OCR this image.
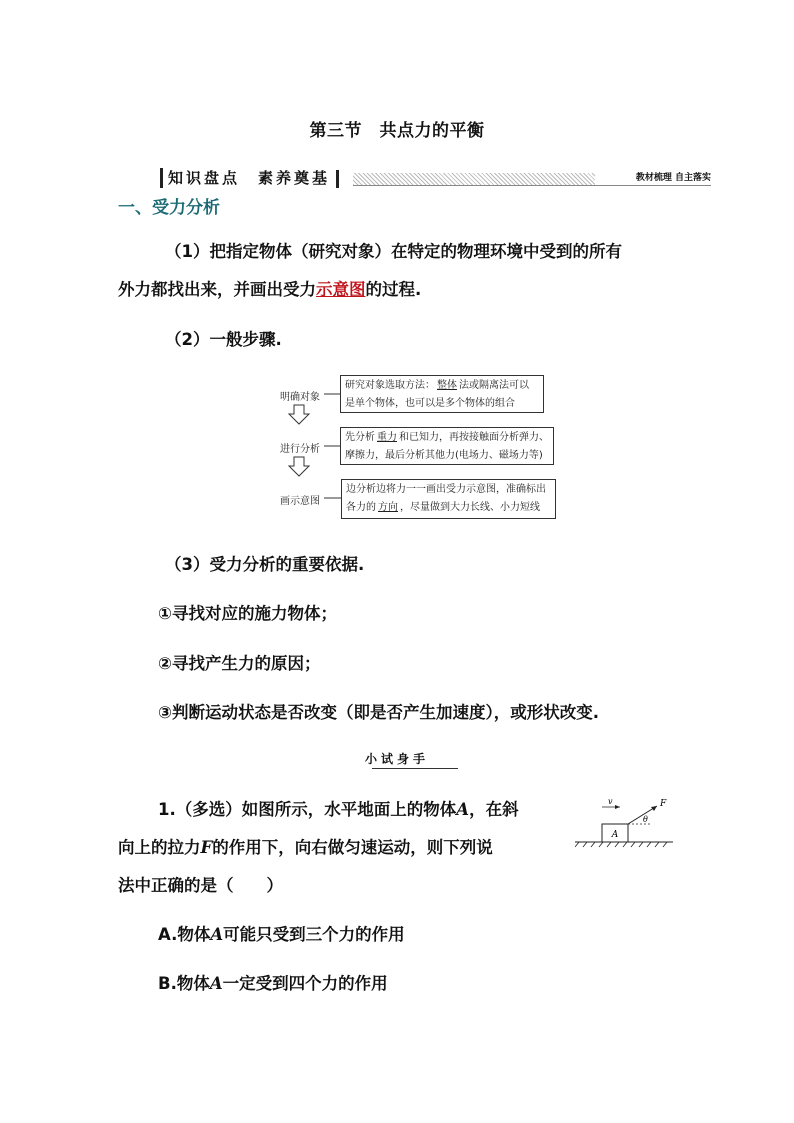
第三节　共点力的平衡
知识盘点　素养奠基	教材梳理 自主落实
一、受力分析
（1）把指定物体（研究对象）在特定的物理环境中受到的所有
外力都找出来，并画出受力示意图的过程.
（2）一般步骤.
明确对象
研究对象选取方法： 整体 法或隔离法可以
是单个物体，也可以是多个物体的组合
进行分析
先分析 重力 和已知力，再按接触面分析弹力、
摩擦力，最后分析其他力(电场力、磁场力等)
画示意图
边分析边将力一一画出受力示意图，准确标出
各力的 方向 ，尽量做到大力长线、小力短线
（3）受力分析的重要依据.
①寻找对应的施力物体；
②寻找产生力的原因；
③判断运动状态是否改变（即是否产生加速度），或形状改变.
小试身手
1.（多选）如图所示，水平地面上的物体A，在斜
向上的拉力F的作用下，向右做匀速运动，则下列说
法中正确的是（　　）
A
F
θ
v
A.物体A可能只受到三个力的作用
B.物体A一定受到四个力的作用
